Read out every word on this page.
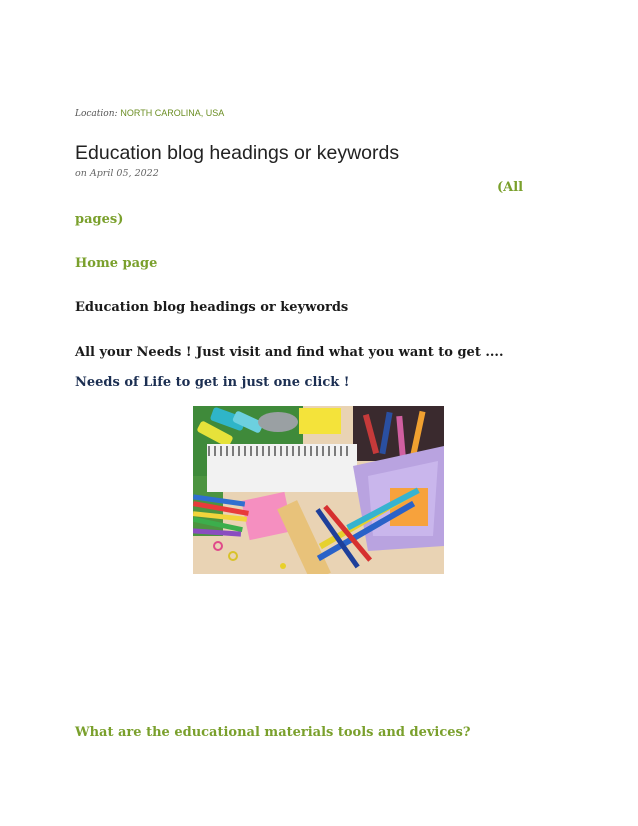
Location: NORTH CAROLINA, USA
Education blog headings or keywords
on April 05, 2022
(All
pages)
Home page
Education blog headings or keywords
All your Needs ! Just visit and find what you want to get ....
Needs of Life to get in just one click !
What are the educational materials tools and devices?
